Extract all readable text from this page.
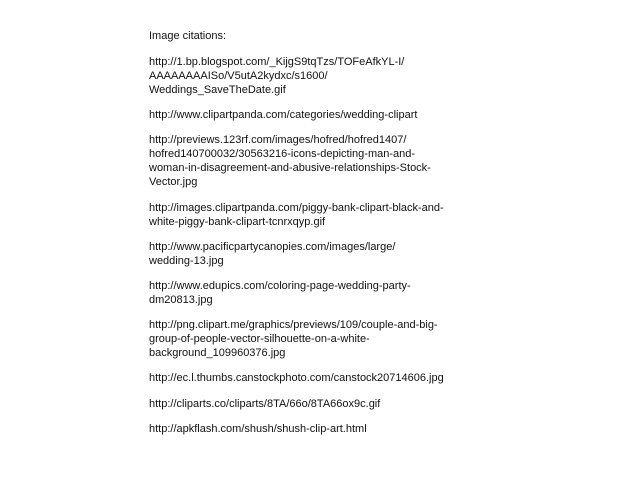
Image citations:
http://1.bp.blogspot.com/_KijgS9tqTzs/TOFeAfkYL-I/
AAAAAAAAISo/V5utA2kydxc/s1600/
Weddings_SaveTheDate.gif
http://www.clipartpanda.com/categories/wedding-clipart
http://previews.123rf.com/images/hofred/hofred1407/
hofred140700032/30563216-icons-depicting-man-and-
woman-in-disagreement-and-abusive-relationships-Stock-
Vector.jpg
http://images.clipartpanda.com/piggy-bank-clipart-black-and-
white-piggy-bank-clipart-tcnrxqyp.gif
http://www.pacificpartycanopies.com/images/large/
wedding-13.jpg
http://www.edupics.com/coloring-page-wedding-party-
dm20813.jpg
http://png.clipart.me/graphics/previews/109/couple-and-big-
group-of-people-vector-silhouette-on-a-white-
background_109960376.jpg
http://ec.l.thumbs.canstockphoto.com/canstock20714606.jpg
http://cliparts.co/cliparts/8TA/66o/8TA66ox9c.gif
http://apkflash.com/shush/shush-clip-art.html
